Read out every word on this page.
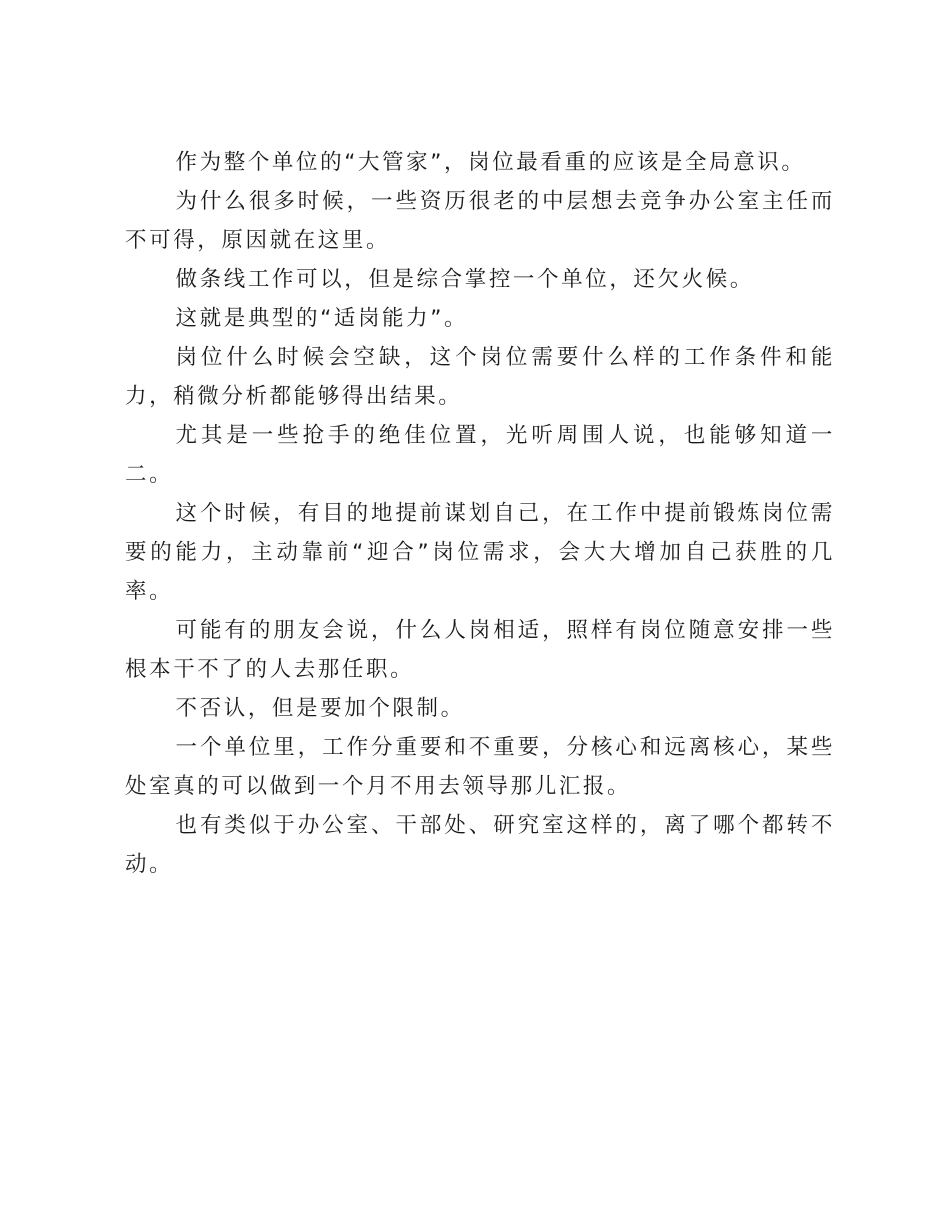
作为整个单位的“大管家”，岗位最看重的应该是全局意识。

为什么很多时候，一些资历很老的中层想去竞争办公室主任而不可得，原因就在这里。

做条线工作可以，但是综合掌控一个单位，还欠火候。

这就是典型的“适岗能力”。

岗位什么时候会空缺，这个岗位需要什么样的工作条件和能力，稍微分析都能够得出结果。

尤其是一些抢手的绝佳位置，光听周围人说，也能够知道一二。

这个时候，有目的地提前谋划自己，在工作中提前锻炼岗位需要的能力，主动靠前“迎合”岗位需求，会大大增加自己获胜的几率。

可能有的朋友会说，什么人岗相适，照样有岗位随意安排一些根本干不了的人去那任职。

不否认，但是要加个限制。

一个单位里，工作分重要和不重要，分核心和远离核心，某些处室真的可以做到一个月不用去领导那儿汇报。

也有类似于办公室、干部处、研究室这样的，离了哪个都转不动。
